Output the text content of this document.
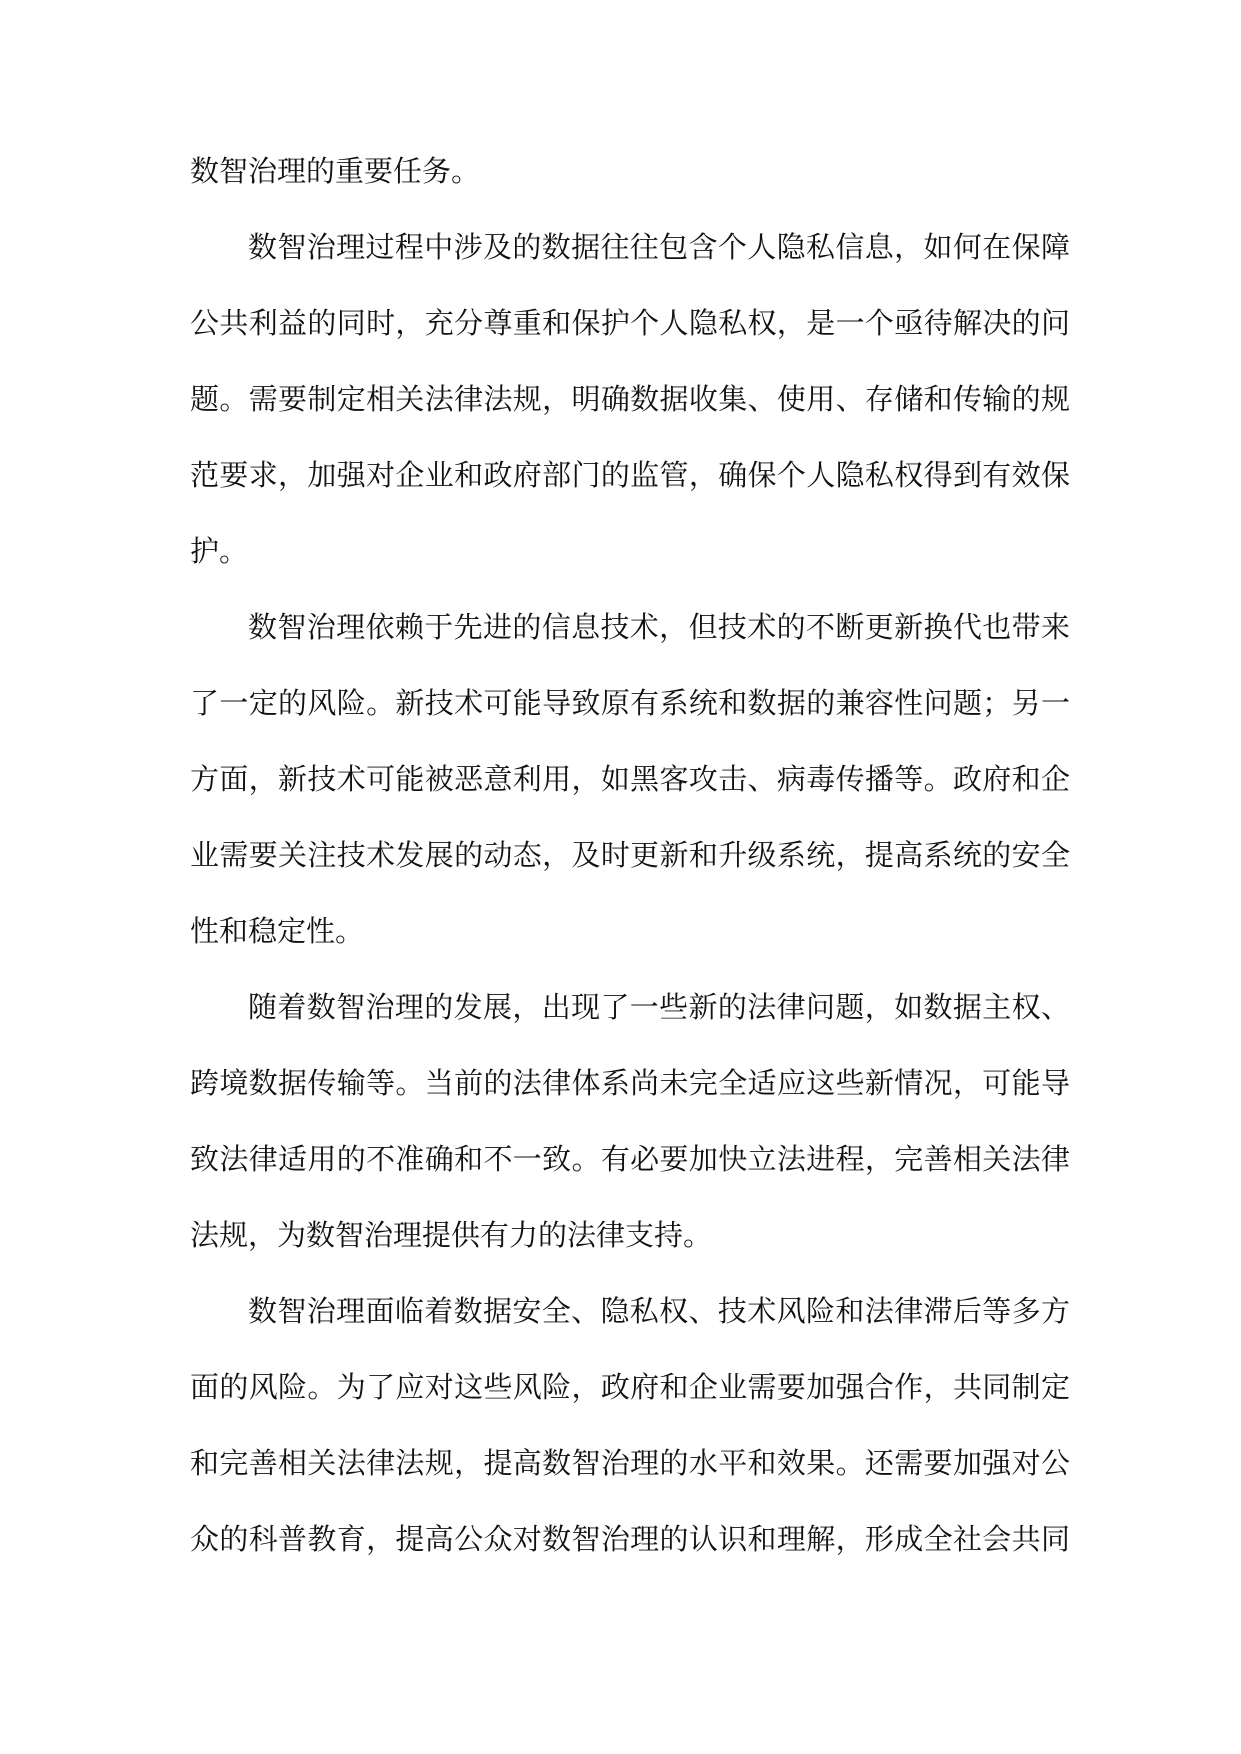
数智治理的重要任务。
数智治理过程中涉及的数据往往包含个人隐私信息，如何在保障
公共利益的同时，充分尊重和保护个人隐私权，是一个亟待解决的问
题。需要制定相关法律法规，明确数据收集、使用、存储和传输的规
范要求，加强对企业和政府部门的监管，确保个人隐私权得到有效保
护。
数智治理依赖于先进的信息技术，但技术的不断更新换代也带来
了一定的风险。新技术可能导致原有系统和数据的兼容性问题；另一
方面，新技术可能被恶意利用，如黑客攻击、病毒传播等。政府和企
业需要关注技术发展的动态，及时更新和升级系统，提高系统的安全
性和稳定性。
随着数智治理的发展，出现了一些新的法律问题，如数据主权、
跨境数据传输等。当前的法律体系尚未完全适应这些新情况，可能导
致法律适用的不准确和不一致。有必要加快立法进程，完善相关法律
法规，为数智治理提供有力的法律支持。
数智治理面临着数据安全、隐私权、技术风险和法律滞后等多方
面的风险。为了应对这些风险，政府和企业需要加强合作，共同制定
和完善相关法律法规，提高数智治理的水平和效果。还需要加强对公
众的科普教育，提高公众对数智治理的认识和理解，形成全社会共同
